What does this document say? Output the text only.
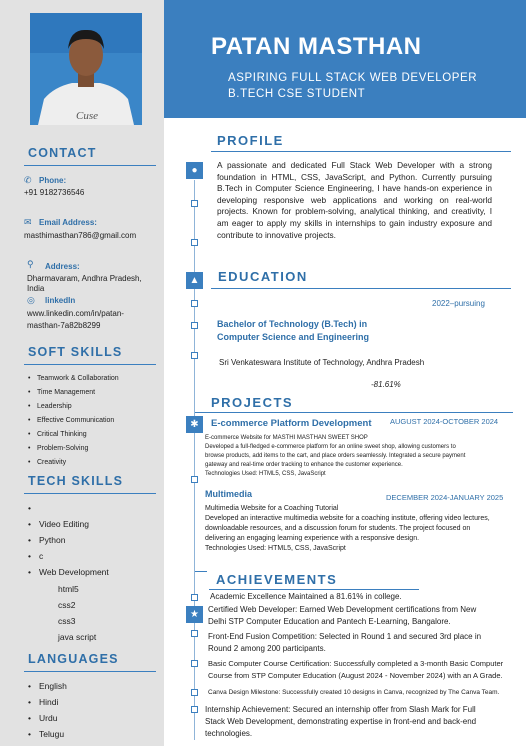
Cuse
PATAN MASTHAN
ASPIRING FULL STACK WEB DEVELOPER
B.TECH CSE STUDENT
CONTACT
✆ Phone:
+91 9182736546
✉ Email Address:
masthimasthan786@gmail.com
⚲ Address:
Dharmavaram, Andhra Pradesh,
India
◎ linkedIn
www.linkedin.com/in/patan-
masthan-7a82b8299
SOFT SKILLS
• Teamwork & Collaboration
• Time Management
• Leadership
• Effective Communication
• Critical Thinking
• Problem-Solving
• Creativity
TECH SKILLS
•
• Video Editing
• Python
• c
• Web Development
html5
css2
css3
java script
LANGUAGES
• English
• Hindi
• Urdu
• Telugu
PROFILE
●	A passionate and dedicated Full Stack Web Developer with a strong foundation in HTML, CSS, JavaScript, and Python. Currently pursuing B.Tech in Computer Science Engineering, I have hands-on experience in developing responsive web applications and working on real-world projects. Known for problem-solving, analytical thinking, and creativity, I am eager to apply my skills in internships to gain industry exposure and contribute to innovative projects.
▲ EDUCATION
2022–pursuing
Bachelor of Technology (B.Tech) in
Computer Science and Engineering
Sri Venkateswara Institute of Technology, Andhra Pradesh
-81.61%
PROJECTS
✱	E-commerce Platform Development AUGUST 2024-OCTOBER 2024
E-commerce Website for MASTHI MASTHAN SWEET SHOP
Developed a full-fledged e-commerce platform for an online sweet shop, allowing customers to
browse products, add items to the cart, and place orders seamlessly. Integrated a secure payment
gateway and real-time order tracking to enhance the customer experience.
Technologies Used: HTML5, CSS, JavaScript
Multimedia	DECEMBER 2024-JANUARY 2025
Multimedia Website for a Coaching Tutorial
Developed an interactive multimedia website for a coaching institute, offering video lectures,
downloadable resources, and a discussion forum for students. The project focused on
delivering an engaging learning experience with a responsive design.
Technologies Used: HTML5, CSS, JavaScript
ACHIEVEMENTS
Academic Excellence Maintained a 81.61% in college.
★	Certified Web Developer: Earned Web Development certifications from New
Delhi STP Computer Education and Pantech E-Learning, Bangalore.
Front-End Fusion Competition: Selected in Round 1 and secured 3rd place in
Round 2 among 200 participants.
Basic Computer Course Certification: Successfully completed a 3-month Basic Computer
Course from STP Computer Education (August 2024 - November 2024) with an A Grade.
Canva Design Milestone: Successfully created 10 designs in Canva, recognized by The Canva Team.
Internship Achievement: Secured an internship offer from Slash Mark for Full
Stack Web Development, demonstrating expertise in front-end and back-end
technologies.
